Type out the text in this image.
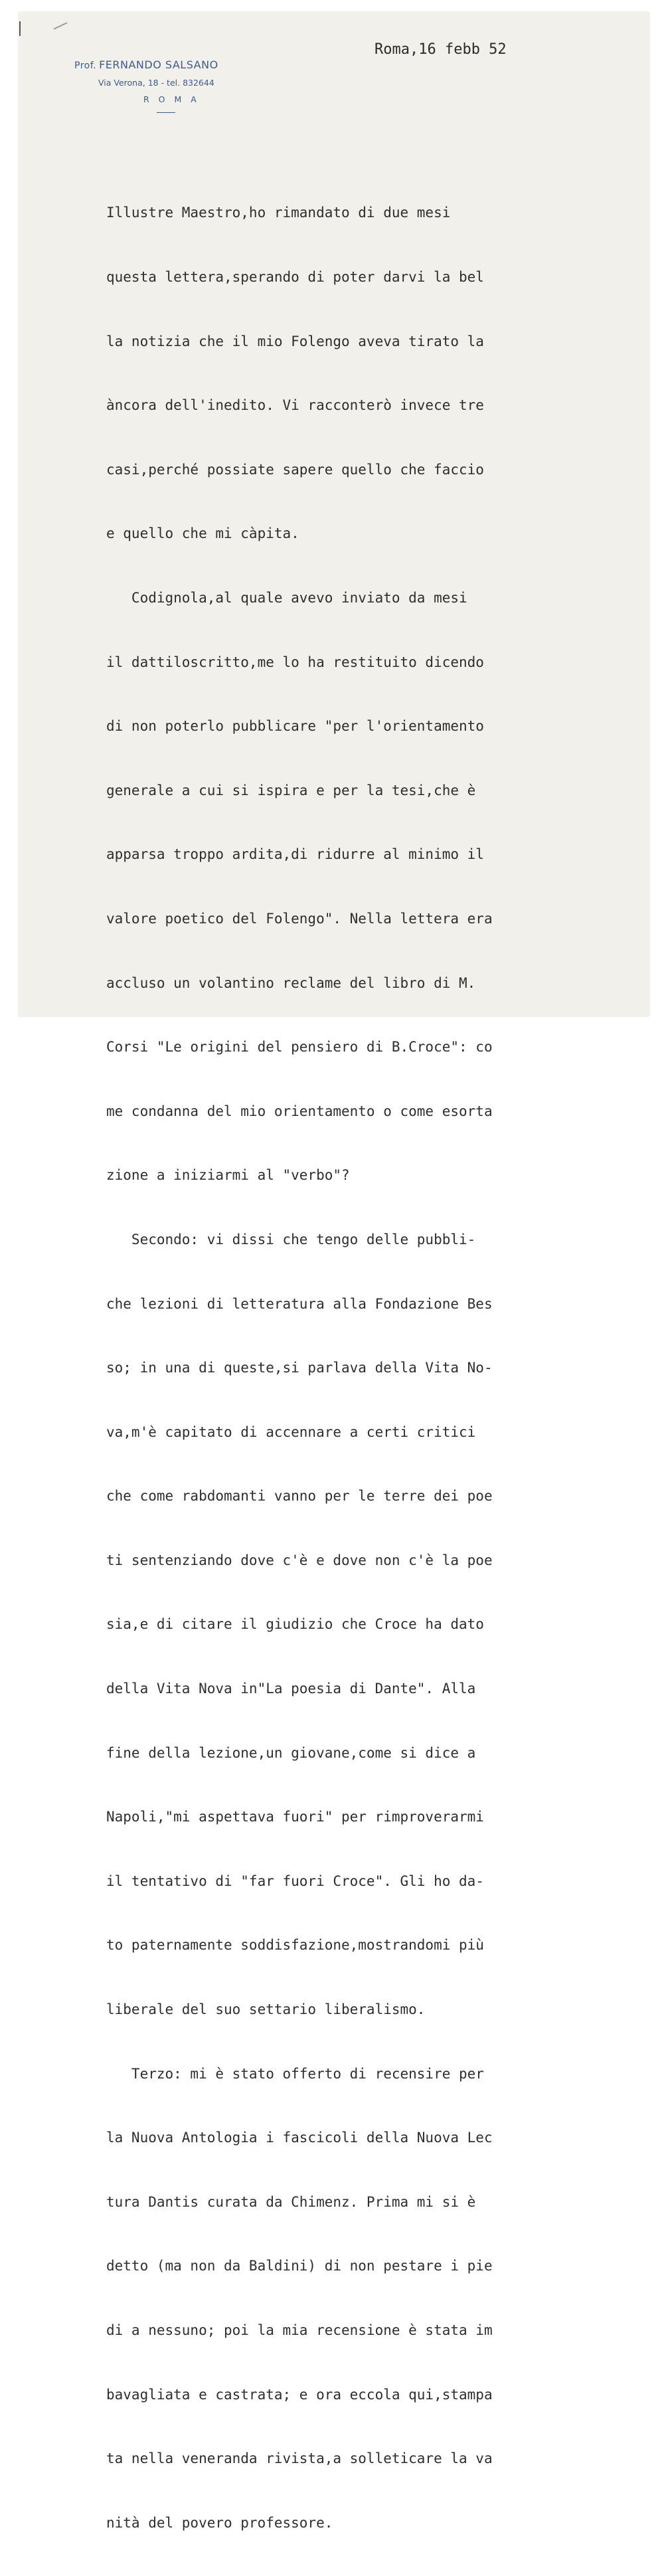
Prof. FERNANDO SALSANO
Via Verona, 18 - tel. 832644
R O M A
Roma,16 febb 52

Illustre Maestro,ho rimandato di due mesi

questa lettera,sperando di poter darvi la bel

la notizia che il mio Folengo aveva tirato la

àncora dell'inedito. Vi racconterò invece tre

casi,perché possiate sapere quello che faccio

e quello che mi càpita.

Codignola,al quale avevo inviato da mesi

il dattiloscritto,me lo ha restituito dicendo

di non poterlo pubblicare "per l'orientamento

generale a cui si ispira e per la tesi,che è

apparsa troppo ardita,di ridurre al minimo il

valore poetico del Folengo". Nella lettera era

accluso un volantino reclame del libro di M.

Corsi "Le origini del pensiero di B.Croce": co

me condanna del mio orientamento o come esorta

zione a iniziarmi al "verbo"?

Secondo: vi dissi che tengo delle pubbli-

che lezioni di letteratura alla Fondazione Bes

so; in una di queste,si parlava della Vita No-

va,m'è capitato di accennare a certi critici

che come rabdomanti vanno per le terre dei poe

ti sentenziando dove c'è e dove non c'è la poe

sia,e di citare il giudizio che Croce ha dato

della Vita Nova in"La poesia di Dante". Alla

fine della lezione,un giovane,come si dice a

Napoli,"mi aspettava fuori" per rimproverarmi

il tentativo di "far fuori Croce". Gli ho da-

to paternamente soddisfazione,mostrandomi più

liberale del suo settario liberalismo.

Terzo: mi è stato offerto di recensire per

la Nuova Antologia i fascicoli della Nuova Lec

tura Dantis curata da Chimenz. Prima mi si è

detto (ma non da Baldini) di non pestare i pie

di a nessuno; poi la mia recensione è stata im

bavagliata e castrata; e ora eccola qui,stampa

ta nella veneranda rivista,a solleticare la va

nità del povero professore.
